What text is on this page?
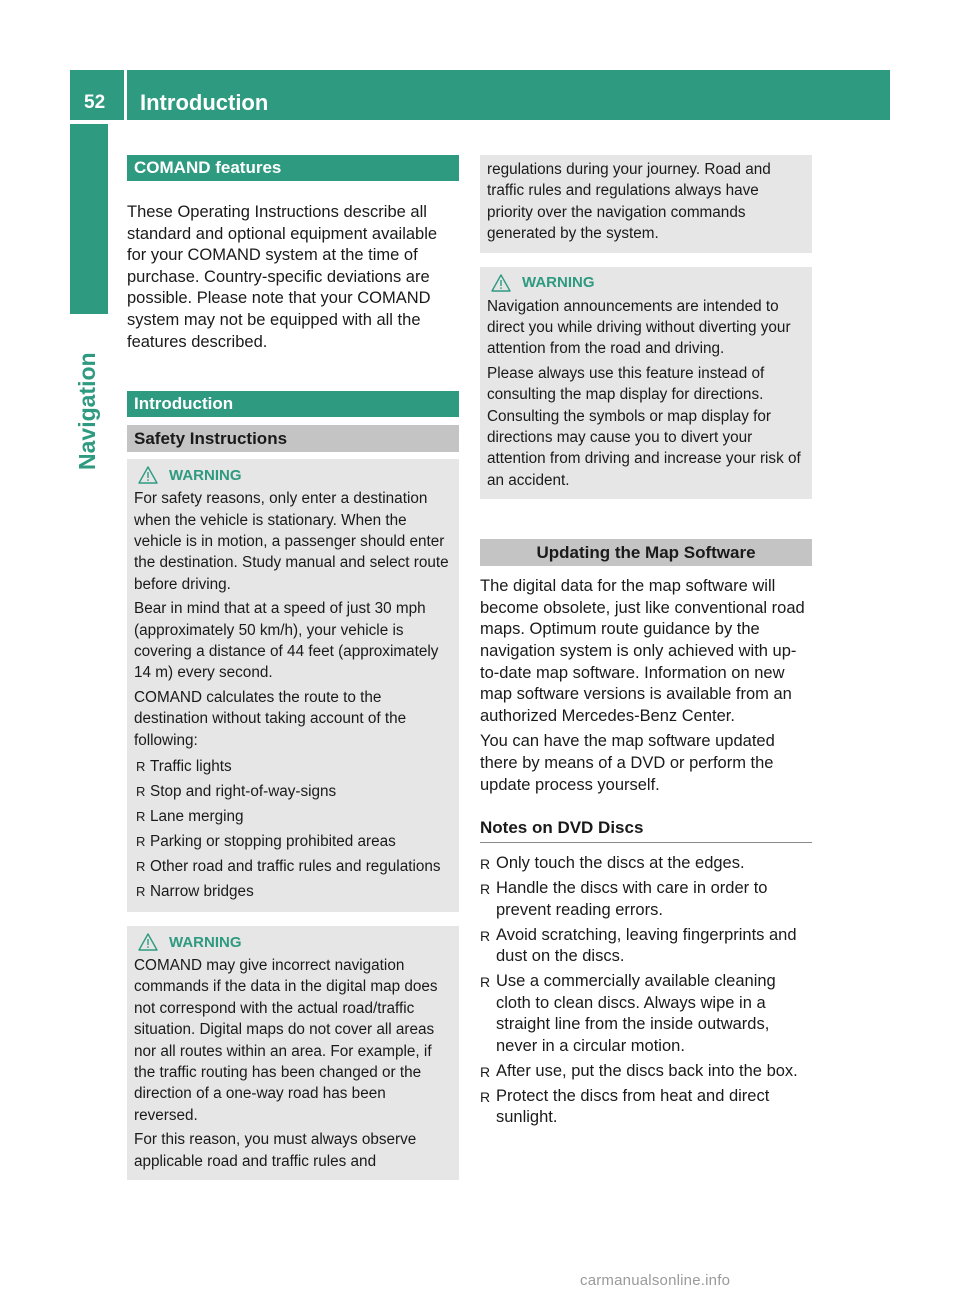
52 Introduction
Navigation
COMAND features

These Operating Instructions describe all standard and optional equipment available for your COMAND system at the time of purchase. Country-specific deviations are possible. Please note that your COMAND system may not be equipped with all the features described.

Introduction
Safety Instructions
WARNING

For safety reasons, only enter a destination when the vehicle is stationary. When the vehicle is in motion, a passenger should enter the destination. Study manual and select route before driving.

Bear in mind that at a speed of just 30 mph (approximately 50 km/h), your vehicle is covering a distance of 44 feet (approximately 14 m) every second.

COMAND calculates the route to the destination without taking account of the following:

R Traffic lights
R Stop and right-of-way-signs
R Lane merging
R Parking or stopping prohibited areas
R Other road and traffic rules and regulations
R Narrow bridges
WARNING

COMAND may give incorrect navigation commands if the data in the digital map does not correspond with the actual road/traffic situation. Digital maps do not cover all areas nor all routes within an area. For example, if the traffic routing has been changed or the direction of a one-way road has been reversed.

For this reason, you must always observe applicable road and traffic rules and

regulations during your journey. Road and traffic rules and regulations always have priority over the navigation commands generated by the system.

WARNING

Navigation announcements are intended to direct you while driving without diverting your attention from the road and driving.

Please always use this feature instead of consulting the map display for directions. Consulting the symbols or map display for directions may cause you to divert your attention from driving and increase your risk of an accident.

Updating the Map Software

The digital data for the map software will become obsolete, just like conventional road maps. Optimum route guidance by the navigation system is only achieved with up-to-date map software. Information on new map software versions is available from an authorized Mercedes-Benz Center.

You can have the map software updated there by means of a DVD or perform the update process yourself.

Notes on DVD Discs
R Only touch the discs at the edges.
R Handle the discs with care in order to prevent reading errors.
R Avoid scratching, leaving fingerprints and dust on the discs.
R Use a commercially available cleaning cloth to clean discs. Always wipe in a straight line from the inside outwards, never in a circular motion.
R After use, put the discs back into the box.
R Protect the discs from heat and direct sunlight.
carmanualsonline.info
